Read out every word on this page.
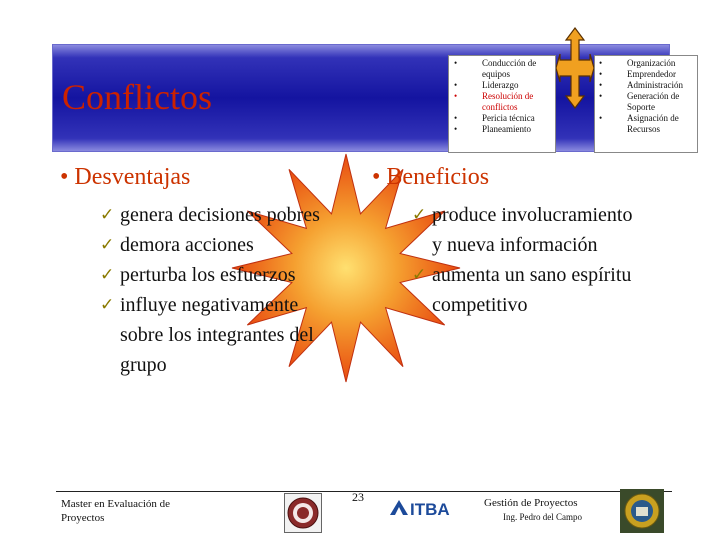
Conflictos
• Conducción de equipos
• Liderazgo
• Resolución de conflictos
• Pericia técnica
• Planeamiento
• Organización
• Emprendedor
• Administración
• Generación de Soporte
• Asignación de Recursos
• Desventajas
✓ genera decisiones pobres
✓ demora acciones
✓ perturba los esfuerzos
✓ influye negativamente sobre los integrantes del grupo
• Beneficios
✓ produce involucramiento y nueva información
✓ aumenta un sano espíritu competitivo
Master en Evaluación de Proyectos
23
ITBA	Gestión de Proyectos
Ing. Pedro del Campo
